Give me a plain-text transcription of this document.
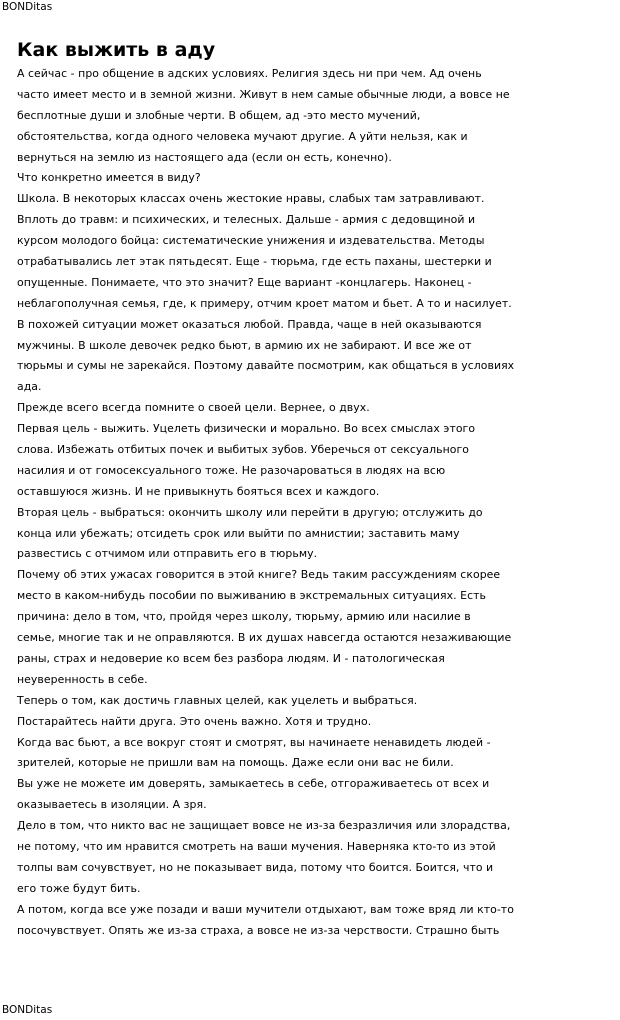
BONDitas
Как выжить в аду
А сейчас - про общение в адских условиях. Религия здесь ни при чем. Ад очень
часто имеет место и в земной жизни. Живут в нем самые обычные люди, а вовсе не
бесплотные души и злобные черти. В общем, ад -это место мучений,
обстоятельства, когда одного человека мучают другие. А уйти нельзя, как и
вернуться на землю из настоящего ада (если он есть, конечно).
Что конкретно имеется в виду?
Школа. В некоторых классах очень жестокие нравы, слабых там затравливают.
Вплоть до травм: и психических, и телесных. Дальше - армия с дедовщиной и
курсом молодого бойца: систематические унижения и издевательства. Методы
отрабатывались лет этак пятьдесят. Еще - тюрьма, где есть паханы, шестерки и
опущенные. Понимаете, что это значит? Еще вариант -концлагерь. Наконец -
неблагополучная семья, где, к примеру, отчим кроет матом и бьет. А то и насилует.
В похожей ситуации может оказаться любой. Правда, чаще в ней оказываются
мужчины. В школе девочек редко бьют, в армию их не забирают. И все же от
тюрьмы и сумы не зарекайся. Поэтому давайте посмотрим, как общаться в условиях
ада.
Прежде всего всегда помните о своей цели. Вернее, о двух.
Первая цель - выжить. Уцелеть физически и морально. Во всех смыслах этого
слова. Избежать отбитых почек и выбитых зубов. Уберечься от сексуального
насилия и от гомосексуального тоже. Не разочароваться в людях на всю
оставшуюся жизнь. И не привыкнуть бояться всех и каждого.
Вторая цель - выбраться: окончить школу или перейти в другую; отслужить до
конца или убежать; отсидеть срок или выйти по амнистии; заставить маму
развестись с отчимом или отправить его в тюрьму.
Почему об этих ужасах говорится в этой книге? Ведь таким рассуждениям скорее
место в каком-нибудь пособии по выживанию в экстремальных ситуациях. Есть
причина: дело в том, что, пройдя через школу, тюрьму, армию или насилие в
семье, многие так и не оправляются. В их душах навсегда остаются незаживающие
раны, страх и недоверие ко всем без разбора людям. И - патологическая
неуверенность в себе.
Теперь о том, как достичь главных целей, как уцелеть и выбраться.
Постарайтесь найти друга. Это очень важно. Хотя и трудно.
Когда вас бьют, а все вокруг стоят и смотрят, вы начинаете ненавидеть людей -
зрителей, которые не пришли вам на помощь. Даже если они вас не били.
Вы уже не можете им доверять, замыкаетесь в себе, отгораживаетесь от всех и
оказываетесь в изоляции. А зря.
Дело в том, что никто вас не защищает вовсе не из-за безразличия или злорадства,
не потому, что им нравится смотреть на ваши мучения. Наверняка кто-то из этой
толпы вам сочувствует, но не показывает вида, потому что боится. Боится, что и
его тоже будут бить.
А потом, когда все уже позади и ваши мучители отдыхают, вам тоже вряд ли кто-то
посочувствует. Опять же из-за страха, а вовсе не из-за черствости. Страшно быть
BONDitas
